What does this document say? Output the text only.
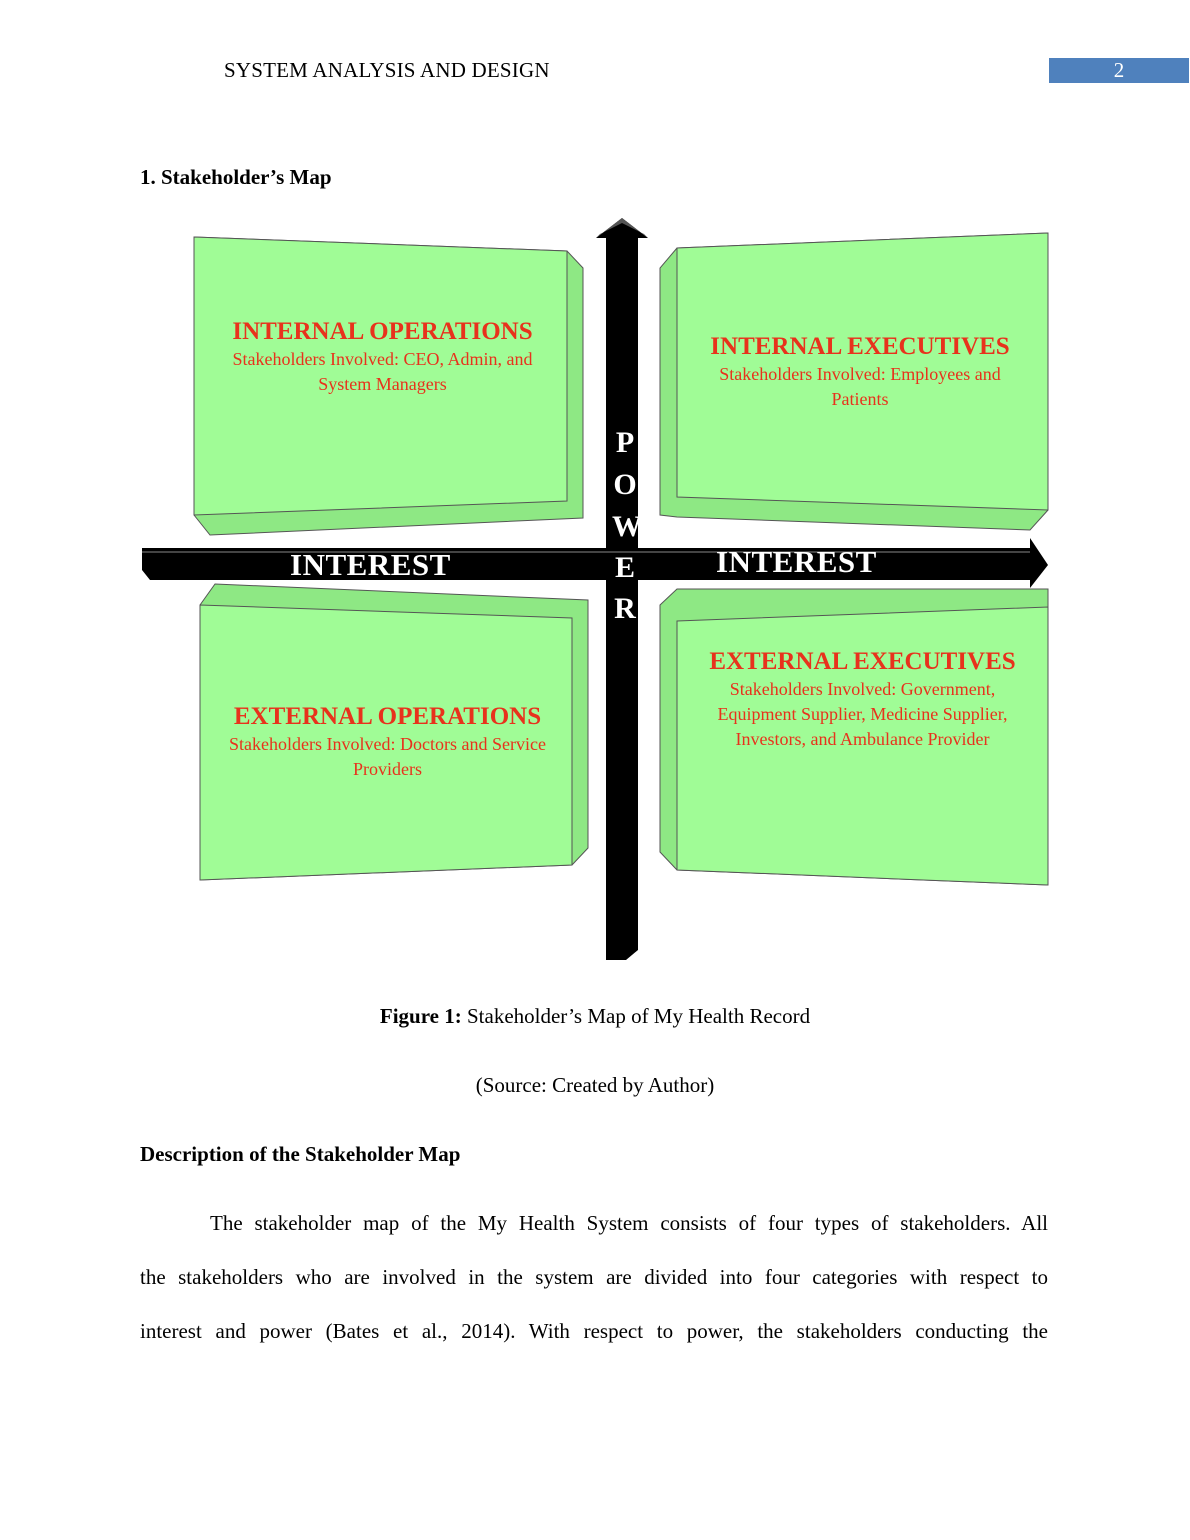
SYSTEM ANALYSIS AND DESIGN	2
1. Stakeholder’s Map
INTERNAL OPERATIONS
Stakeholders Involved: CEO, Admin, and System Managers
INTERNAL EXECUTIVES
Stakeholders Involved: Employees and Patients
EXTERNAL OPERATIONS
Stakeholders Involved: Doctors and Service Providers
EXTERNAL EXECUTIVES
Stakeholders Involved: Government, Equipment Supplier, Medicine Supplier, Investors, and Ambulance Provider
INTEREST	INTEREST
P
O
W
E
R
Figure 1: Stakeholder’s Map of My Health Record
(Source: Created by Author)
Description of the Stakeholder Map
The stakeholder map of the My Health System consists of four types of stakeholders. All
the stakeholders who are involved in the system are divided into four categories with respect to
interest and power (Bates et al., 2014). With respect to power, the stakeholders conducting the
